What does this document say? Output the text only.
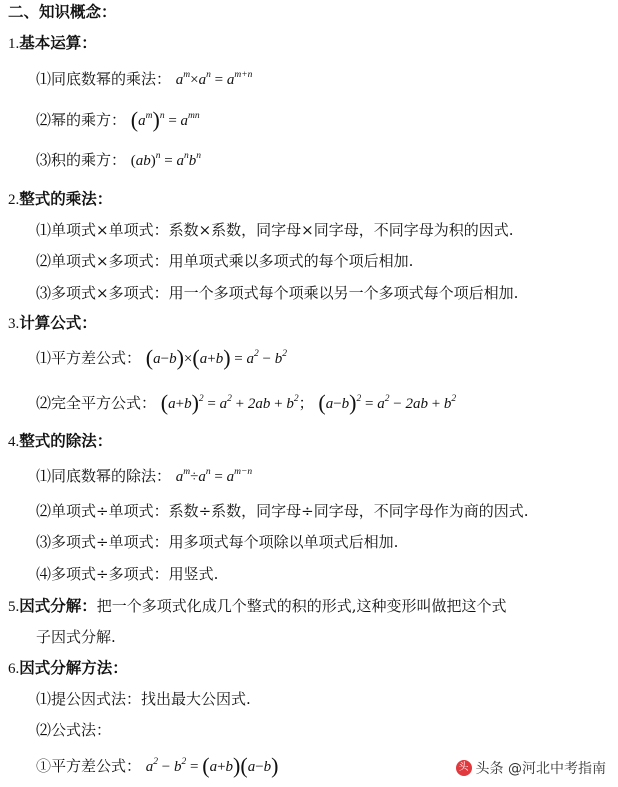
二、知识概念：
1.基本运算：
⑴同底数幂的乘法： $a^m\times a^n = a^{m+n}$
⑵幂的乘方： $(a^m)^n = a^{mn}$
⑶积的乘方： $(ab)^n = a^nb^n$
2.整式的乘法：
⑴单项式×单项式：系数×系数，同字母×同字母，不同字母为积的因式.
⑵单项式×多项式：用单项式乘以多项式的每个项后相加.
⑶多项式×多项式：用一个多项式每个项乘以另一个多项式每个项后相加.
3.计算公式：
⑴平方差公式： $(a-b)\times(a+b) = a^2 - b^2$
⑵完全平方公式： $(a+b)^2 = a^2 + 2ab + b^2$； $(a-b)^2 = a^2 - 2ab + b^2$
4.整式的除法：
⑴同底数幂的除法： $a^m\div a^n = a^{m-n}$
⑵单项式÷单项式：系数÷系数，同字母÷同字母，不同字母作为商的因式.
⑶多项式÷单项式：用多项式每个项除以单项式后相加.
⑷多项式÷多项式：用竖式.
5.因式分解：把一个多项式化成几个整式的积的形式,这种变形叫做把这个式
子因式分解.
6.因式分解方法：
⑴提公因式法：找出最大公因式.
⑵公式法：
①平方差公式： $a^2 - b^2 = (a+b)(a-b)$	头 头条 @河北中考指南
